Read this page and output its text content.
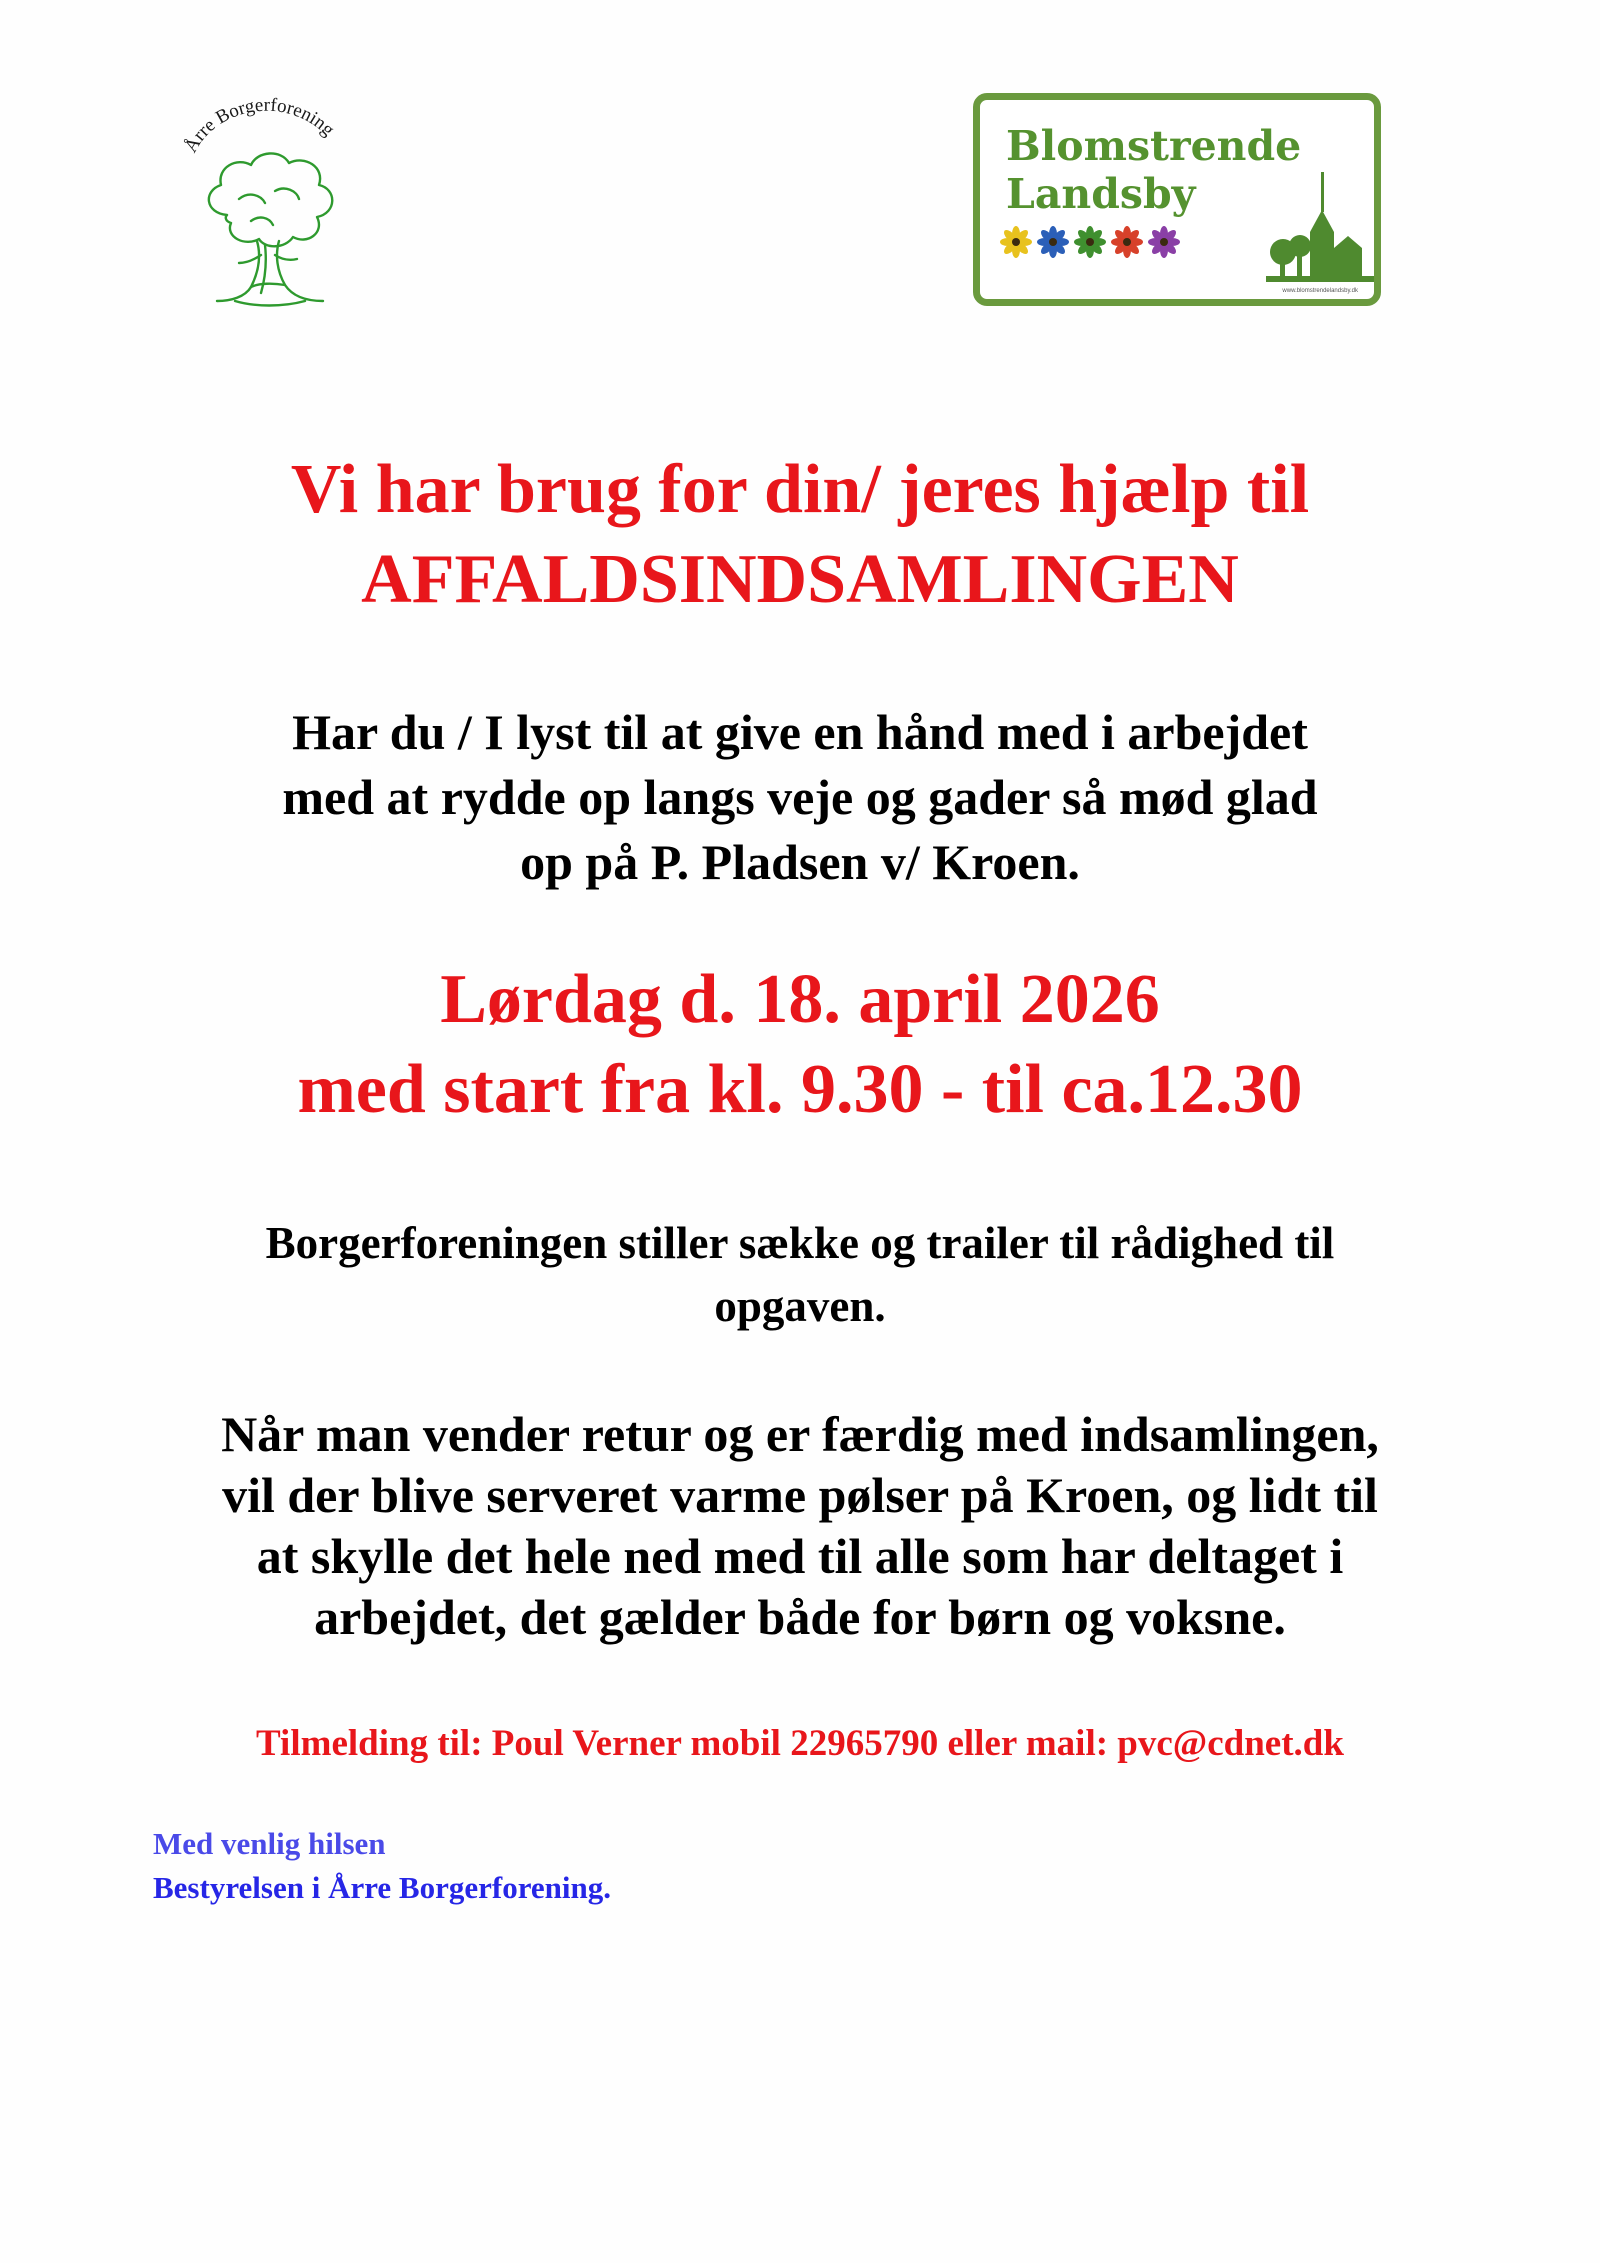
Årre Borgerforening	Blomstrende
Landsby
www.blomstrendelandsby.dk
Vi har brug for din/ jeres hjælp til
AFFALDSINDSAMLINGEN

Har du / I lyst til at give en hånd med i arbejdet
med at rydde op langs veje og gader så mød glad
op på P. Pladsen v/ Kroen.

Lørdag d. 18. april 2026
med start fra kl. 9.30 - til ca.12.30

Borgerforeningen stiller sække og trailer til rådighed til
opgaven.

Når man vender retur og er færdig med indsamlingen,
vil der blive serveret varme pølser på Kroen, og lidt til
at skylle det hele ned med til alle som har deltaget i
arbejdet, det gælder både for børn og voksne.

Tilmelding til: Poul Verner mobil 22965790 eller mail: pvc@cdnet.dk

Med venlig hilsen
Bestyrelsen i Årre Borgerforening.
